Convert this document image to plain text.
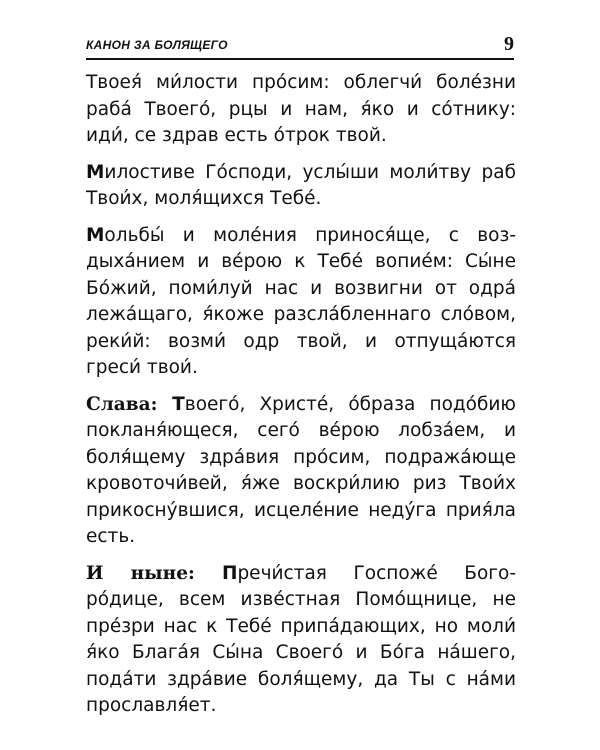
КАНОН ЗА БОЛЯЩЕГО	9

Твоея́ ми́лости про́сим: облегчи́ боле́зни
раба́ Твоего́, рцы и нам, я́ко и со́тнику:
иди́, се здрав есть о́трок твой.

Милостиве Го́споди, услы́ши моли́тву раб
Твои́х, моля́щихся Тебе́.

Мольбы́ и моле́ния принося́ще, с воз-
дыха́нием и ве́рою к Тебе́ вопие́м: Сы́не
Бо́жий, поми́луй нас и возвигни от одра́
лежа́щаго, я́коже разсла́бленнаго сло́вом,
реки́й: возми́ одр твой, и отпуща́ются
греси́ твои́.

Слава: Твоего́, Христе́, о́браза подо́бию
покланя́ющеся, сего́ ве́рою лобза́ем, и
боля́щему здра́вия про́сим, подража́юще
кровоточи́вей, я́же воскри́лию риз Твои́х
прикосну́вшися, исцеле́ние неду́га прия́ла
есть.

И ныне: Пречи́стая Госпоже́ Бого-
ро́дице, всем изве́стная Помо́щнице, не
пре́зри нас к Тебе́ припа́дающих, но моли́
я́ко Блага́я Сы́на Своего́ и Бо́га на́шего,
пода́ти здра́вие боля́щему, да Ты с на́ми
прославля́ет.
